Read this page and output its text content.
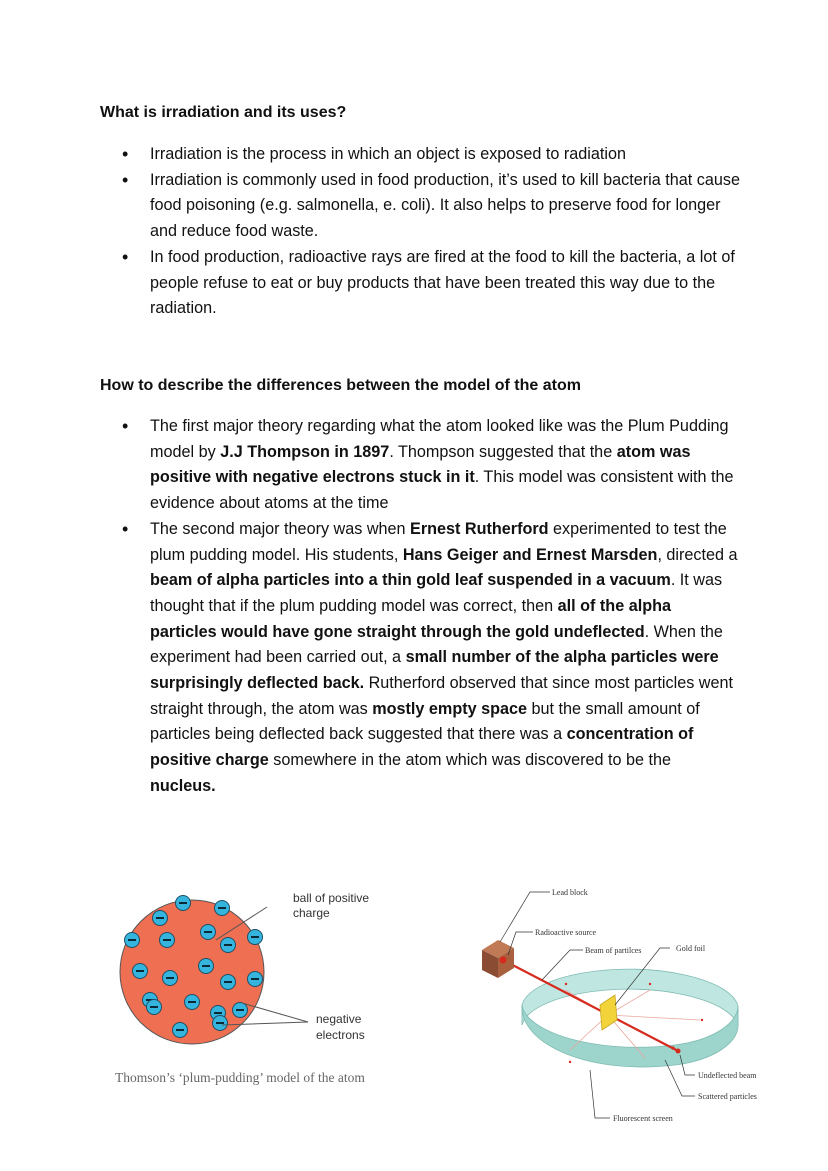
What is irradiation and its uses?
• Irradiation is the process in which an object is exposed to radiation
• Irradiation is commonly used in food production, it’s used to kill bacteria that cause food poisoning (e.g. salmonella, e. coli). It also helps to preserve food for longer and reduce food waste.
• In food production, radioactive rays are fired at the food to kill the bacteria, a lot of people refuse to eat or buy products that have been treated this way due to the radiation.
How to describe the differences between the model of the atom
• The first major theory regarding what the atom looked like was the Plum Pudding model by J.J Thompson in 1897. Thompson suggested that the atom was positive with negative electrons stuck in it. This model was consistent with the evidence about atoms at the time
• The second major theory was when Ernest Rutherford experimented to test the plum pudding model. His students, Hans Geiger and Ernest Marsden, directed a beam of alpha particles into a thin gold leaf suspended in a vacuum. It was thought that if the plum pudding model was correct, then all of the alpha particles would have gone straight through the gold undeflected. When the experiment had been carried out, a small number of the alpha particles were surprisingly deflected back. Rutherford observed that since most particles went straight through, the atom was mostly empty space but the small amount of particles being deflected back suggested that there was a concentration of positive charge somewhere in the atom which was discovered to be the nucleus.
ball of positive
charge
negative
electrons
Thomson’s ‘plum-pudding’ model of the atom
Lead block
Radioactive source
Beam of partilces	Gold foil
Undeflected beam
Scattered particles
Fluorescent screen
